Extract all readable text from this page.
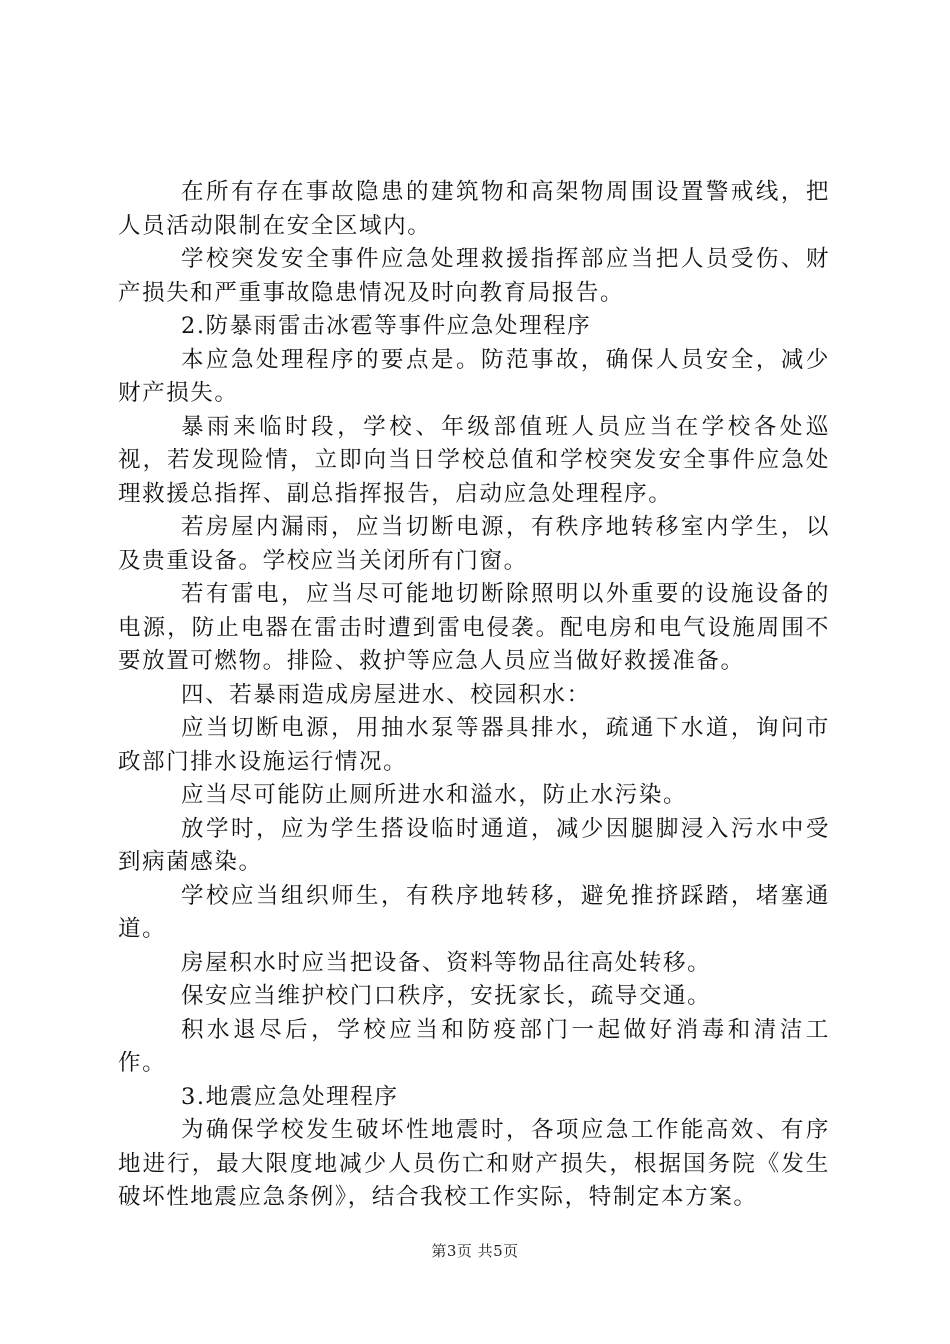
在所有存在事故隐患的建筑物和高架物周围设置警戒线，把人员活动限制在安全区域内。

学校突发安全事件应急处理救援指挥部应当把人员受伤、财产损失和严重事故隐患情况及时向教育局报告。

2.防暴雨雷击冰雹等事件应急处理程序

本应急处理程序的要点是。防范事故，确保人员安全，减少财产损失。

暴雨来临时段，学校、年级部值班人员应当在学校各处巡视，若发现险情，立即向当日学校总值和学校突发安全事件应急处理救援总指挥、副总指挥报告，启动应急处理程序。

若房屋内漏雨，应当切断电源，有秩序地转移室内学生，以及贵重设备。学校应当关闭所有门窗。

若有雷电，应当尽可能地切断除照明以外重要的设施设备的电源，防止电器在雷击时遭到雷电侵袭。配电房和电气设施周围不要放置可燃物。排险、救护等应急人员应当做好救援准备。

四、若暴雨造成房屋进水、校园积水：

应当切断电源，用抽水泵等器具排水，疏通下水道，询问市政部门排水设施运行情况。

应当尽可能防止厕所进水和溢水，防止水污染。

放学时，应为学生搭设临时通道，减少因腿脚浸入污水中受到病菌感染。

学校应当组织师生，有秩序地转移，避免推挤踩踏，堵塞通道。

房屋积水时应当把设备、资料等物品往高处转移。

保安应当维护校门口秩序，安抚家长，疏导交通。

积水退尽后，学校应当和防疫部门一起做好消毒和清洁工作。

3.地震应急处理程序

为确保学校发生破坏性地震时，各项应急工作能高效、有序地进行，最大限度地减少人员伤亡和财产损失，根据国务院《发生破坏性地震应急条例》，结合我校工作实际，特制定本方案。

第3页 共5页
